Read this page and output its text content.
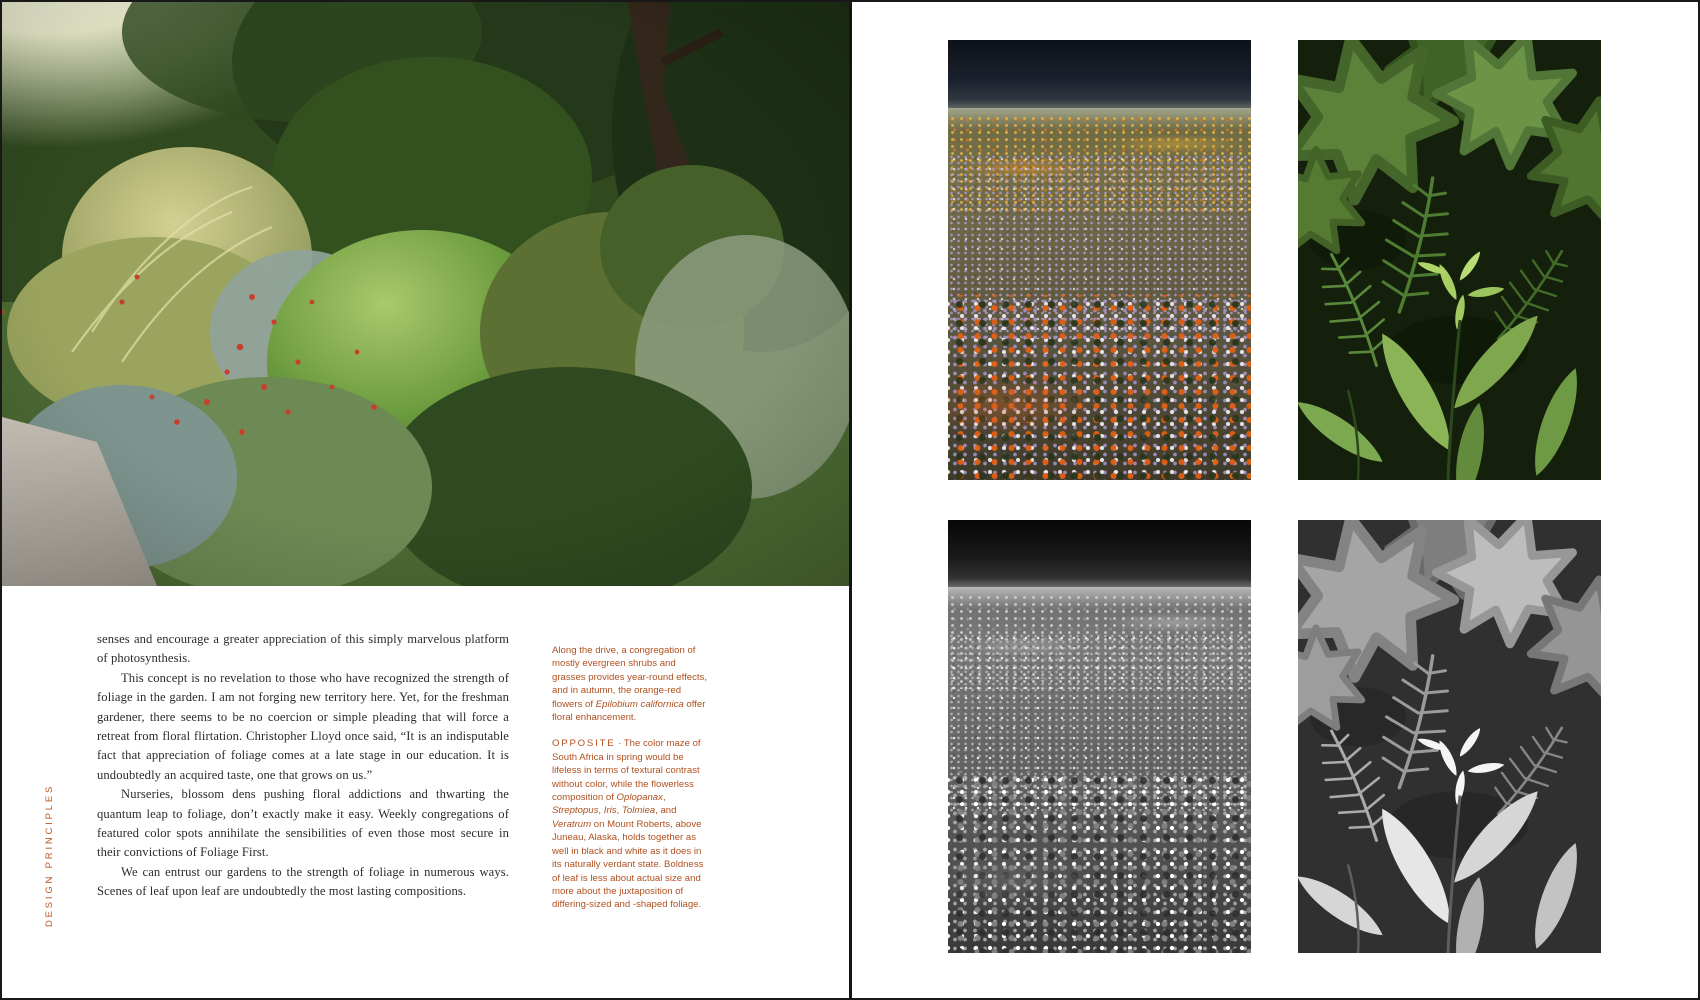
DESIGN PRINCIPLES

senses and encourage a greater appreciation of this simply marvelous platform of photosynthesis.

This concept is no revelation to those who have recognized the strength of foliage in the garden. I am not forging new territory here. Yet, for the freshman gardener, there seems to be no coercion or simple pleading that will force a retreat from floral flirtation. Christopher Lloyd once said, “It is an indisputable fact that appreciation of foliage comes at a late stage in our education. It is undoubtedly an acquired taste, one that grows on us.”

Nurseries, blossom dens pushing floral addictions and thwarting the quantum leap to foliage, don’t exactly make it easy. Weekly congregations of featured color spots annihilate the sensibilities of even those most secure in their convictions of Foliage First.

We can entrust our gardens to the strength of foliage in numerous ways. Scenes of leaf upon leaf are undoubtedly the most lasting compositions.

Along the drive, a congregation of mostly evergreen shrubs and grasses provides year-round effects, and in autumn, the orange-red flowers of Epilobium californica offer floral enhancement.

OPPOSITE · The color maze of South Africa in spring would be lifeless in terms of textural contrast without color, while the flowerless composition of Oplopanax, Streptopus, Iris, Tolmiea, and Veratrum on Mount Roberts, above Juneau, Alaska, holds together as well in black and white as it does in its naturally verdant state. Boldness of leaf is less about actual size and more about the juxtaposition of differing-sized and -shaped foliage.
